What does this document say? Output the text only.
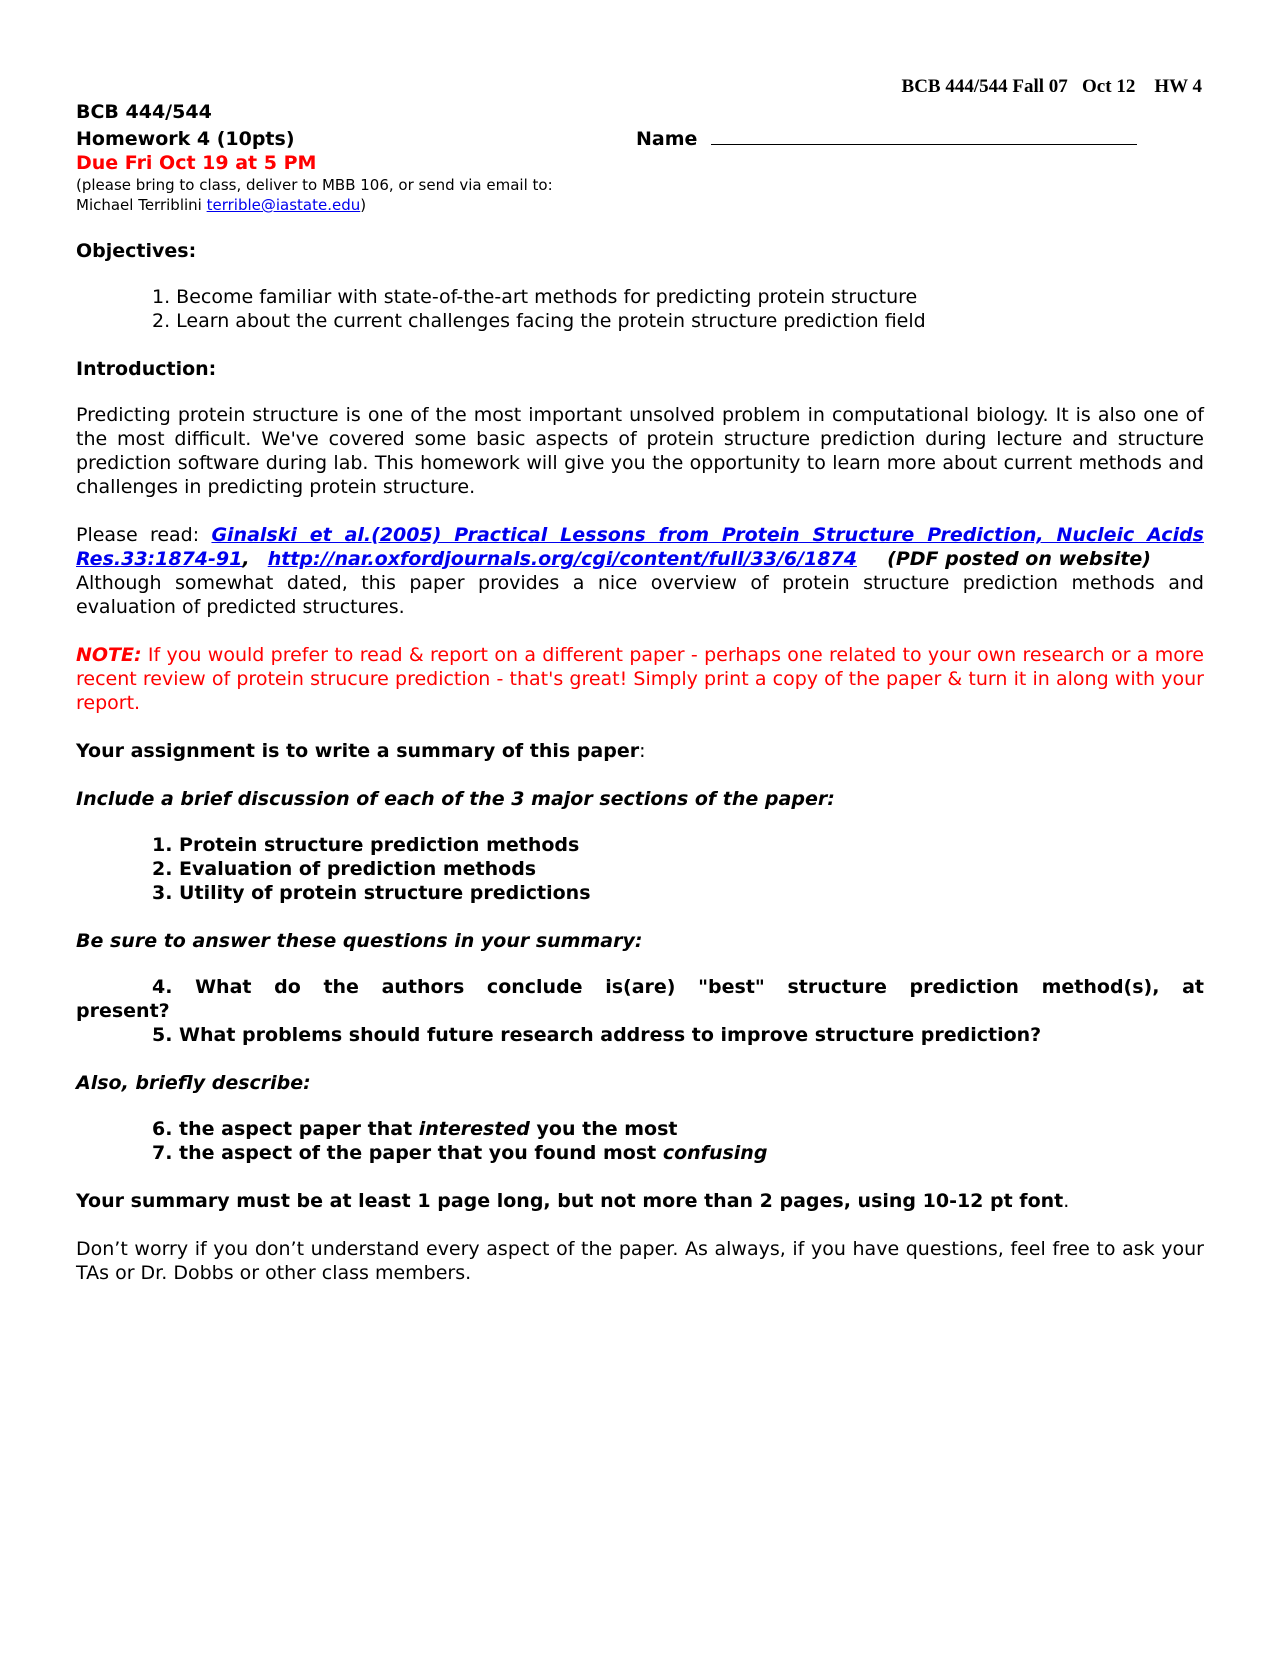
BCB 444/544 Fall 07   Oct 12    HW 4
BCB 444/544
Homework 4 (10pts)	Name
Due Fri Oct 19 at 5 PM
(please bring to class, deliver to MBB 106, or send via email to:
Michael Terriblini terrible@iastate.edu)
Objectives:
1. Become familiar with state-of-the-art methods for predicting protein structure
2. Learn about the current challenges facing the protein structure prediction field
Introduction:
Predicting protein structure is one of the most important unsolved problem in computational biology. It is also one of the most difficult. We've covered some basic aspects of protein structure prediction during lecture and structure prediction software during lab. This homework will give you the opportunity to learn more about current methods and challenges in predicting protein structure.
Please read: Ginalski et al.(2005) Practical Lessons from Protein Structure Prediction, Nucleic Acids Res.33:1874-91, http://nar.oxfordjournals.org/cgi/content/full/33/6/1874 (PDF posted on website)
Although somewhat dated, this paper provides a nice overview of protein structure prediction methods and evaluation of predicted structures.
NOTE: If you would prefer to read & report on a different paper - perhaps one related to your own research or a more recent review of protein strucure prediction - that's great! Simply print a copy of the paper & turn it in along with your report.
Your assignment is to write a summary of this paper:
Include a brief discussion of each of the 3 major sections of the paper:
1. Protein structure prediction methods
2. Evaluation of prediction methods
3. Utility of protein structure predictions
Be sure to answer these questions in your summary:
4. What do the authors conclude is(are) "best" structure prediction method(s), at
present?
5. What problems should future research address to improve structure prediction?
Also, briefly describe:
6. the aspect paper that interested you the most
7. the aspect of the paper that you found most confusing
Your summary must be at least 1 page long, but not more than 2 pages, using 10-12 pt font.
Don’t worry if you don’t understand every aspect of the paper. As always, if you have questions, feel free to ask your TAs or Dr. Dobbs or other class members.
